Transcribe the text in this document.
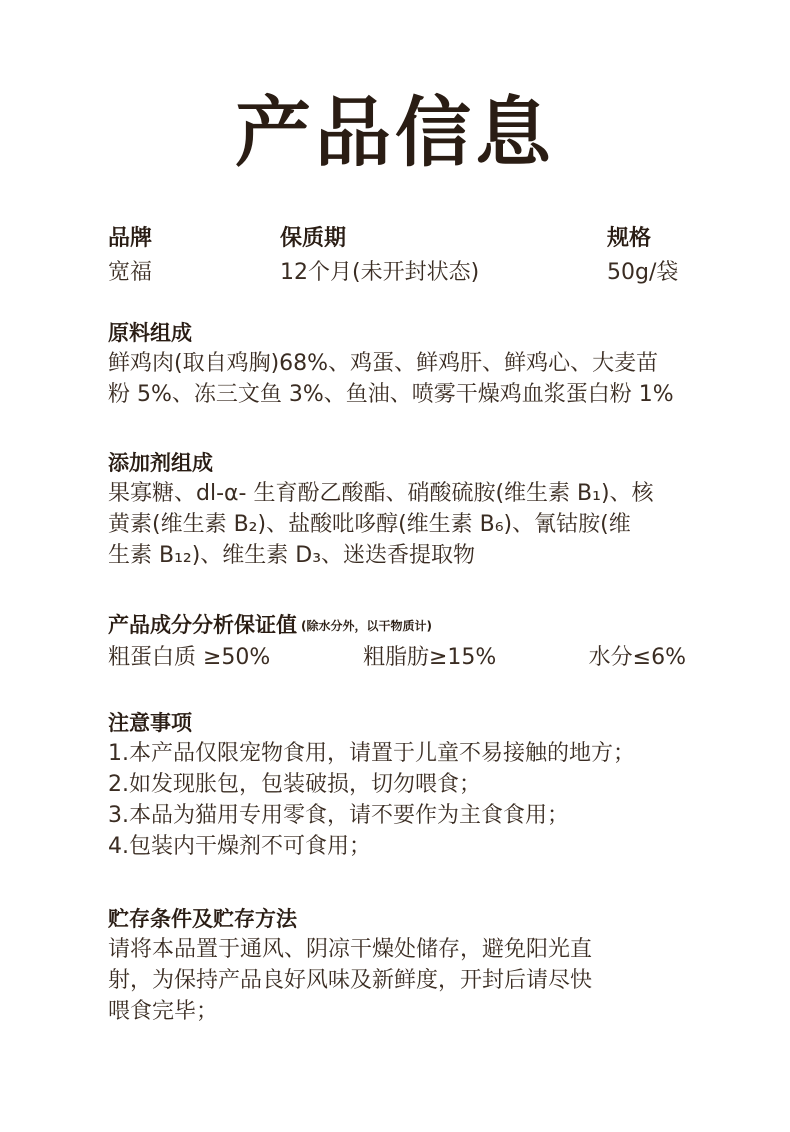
产品信息
品牌
宽福
保质期
12个月(未开封状态)
规格
50g/袋
原料组成
鲜鸡肉(取自鸡胸)68%、鸡蛋、鲜鸡肝、鲜鸡心、大麦苗
粉 5%、冻三文鱼 3%、鱼油、喷雾干燥鸡血浆蛋白粉 1%
添加剂组成
果寡糖、dl-α- 生育酚乙酸酯、硝酸硫胺(维生素 B₁)、核
黄素(维生素 B₂)、盐酸吡哆醇(维生素 B₆)、氰钴胺(维
生素 B₁₂)、维生素 D₃、迷迭香提取物
产品成分分析保证值 (除水分外，以干物质计)
粗蛋白质 ≥50%	粗脂肪≥15%	水分≤6%
注意事项
1.本产品仅限宠物食用，请置于儿童不易接触的地方；
2.如发现胀包，包装破损，切勿喂食；
3.本品为猫用专用零食，请不要作为主食食用；
4.包装内干燥剂不可食用；
贮存条件及贮存方法
请将本品置于通风、阴凉干燥处储存，避免阳光直
射，为保持产品良好风味及新鲜度，开封后请尽快
喂食完毕；
